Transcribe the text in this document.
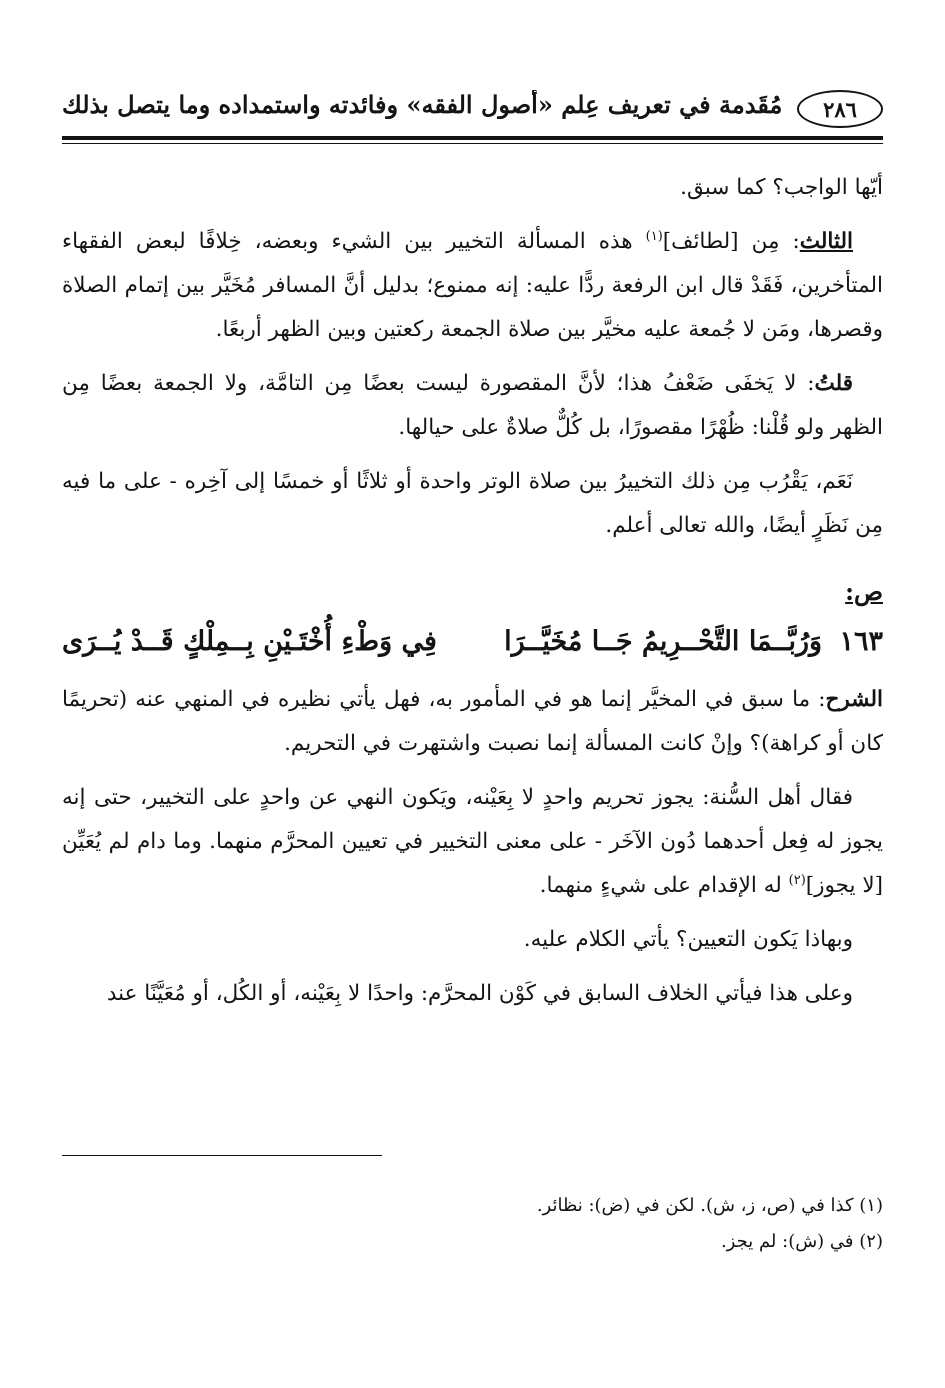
٢٨٦
مُقَدمة في تعريف عِلم «أصول الفقه» وفائدته واستمداده وما يتصل بذلك

أيّها الواجب؟ كما سبق.

الثالث: مِن [لطائف]$^{(١)}$ هذه المسألة التخيير بين الشيء وبعضه، خِلافًا لبعض الفقهاء المتأخرين، فَقَدْ قال ابن الرفعة ردًّا عليه: إنه ممنوع؛ بدليل أنَّ المسافر مُخَيَّر بين إتمام الصلاة وقصرها، ومَن لا جُمعة عليه مخيَّر بين صلاة الجمعة ركعتين وبين الظهر أربعًا.

قلتُ: لا يَخفَى ضَعْفُ هذا؛ لأنَّ المقصورة ليست بعضًا مِن التامَّة، ولا الجمعة بعضًا مِن الظهر ولو قُلْنا: ظُهْرًا مقصورًا، بل كُلٌّ صلاةٌ على حيالها.

نَعَم، يَقْرُب مِن ذلك التخييرُ بين صلاة الوتر واحدة أو ثلاثًا أو خمسًا إلى آخِره - على ما فيه مِن نَظَرٍ أيضًا، والله تعالى أعلم.

ص:
١٦٣ وَرُبَّــمَا التَّحْــرِيمُ جَــا مُخَيَّــرَا
فِي وَطْءِ أُخْتَـيْنِ بِــمِلْكٍ قَــدْ يُــرَى

الشرح: ما سبق في المخيَّر إنما هو في المأمور به، فهل يأتي نظيره في المنهي عنه (تحريمًا كان أو كراهة)؟ وإنْ كانت المسألة إنما نصبت واشتهرت في التحريم.

فقال أهل السُّنة: يجوز تحريم واحدٍ لا بِعَيْنه، ويَكون النهي عن واحدٍ على التخيير، حتى إنه يجوز له فِعل أحدهما دُون الآخَر - على معنى التخيير في تعيين المحرَّم منهما. وما دام لم يُعَيِّن [لا يجوز]$^{(٢)}$ له الإقدام على شيءٍ منهما.

وبهاذا يَكون التعيين؟ يأتي الكلام عليه.

وعلى هذا فيأتي الخلاف السابق في كَوْن المحرَّم: واحدًا لا بِعَيْنه، أو الكُل، أو مُعَيَّنًا عند

(١) كذا في (ص، ز، ش). لكن في (ض): نظائر.
(٢) في (ش): لم يجز.
